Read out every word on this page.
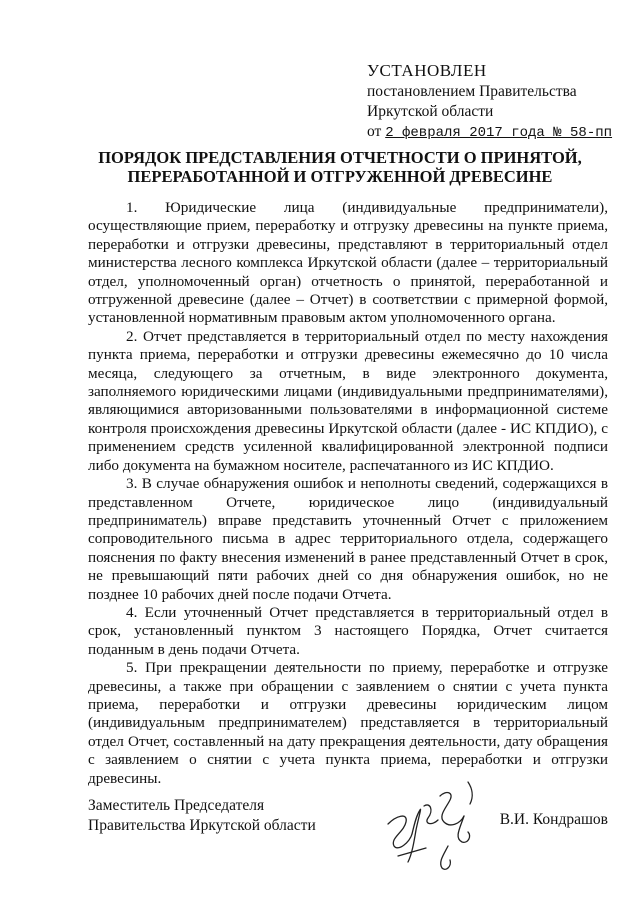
УСТАНОВЛЕН
постановлением Правительства
Иркутской области
от 2 февраля 2017 года № 58-пп
ПОРЯДОК ПРЕДСТАВЛЕНИЯ ОТЧЕТНОСТИ О ПРИНЯТОЙ,
ПЕРЕРАБОТАННОЙ И ОТГРУЖЕННОЙ ДРЕВЕСИНЕ

1. Юридические лица (индивидуальные предприниматели), осуществляющие прием, переработку и отгрузку древесины на пункте приема, переработки и отгрузки древесины, представляют в территориальный отдел министерства лесного комплекса Иркутской области (далее – территориальный отдел, уполномоченный орган) отчетность о принятой, переработанной и отгруженной древесине (далее – Отчет) в соответствии с примерной формой, установленной нормативным правовым актом уполномоченного органа.

2. Отчет представляется в территориальный отдел по месту нахождения пункта приема, переработки и отгрузки древесины ежемесячно до 10 числа месяца, следующего за отчетным, в виде электронного документа, заполняемого юридическими лицами (индивидуальными предпринимателями), являющимися авторизованными пользователями в информационной системе контроля происхождения древесины Иркутской области (далее - ИС КПДИО), с применением средств усиленной квалифицированной электронной подписи либо документа на бумажном носителе, распечатанного из ИС КПДИО.

3. В случае обнаружения ошибок и неполноты сведений, содержащихся в представленном Отчете, юридическое лицо (индивидуальный предприниматель) вправе представить уточненный Отчет с приложением сопроводительного письма в адрес территориального отдела, содержащего пояснения по факту внесения изменений в ранее представленный Отчет в срок, не превышающий пяти рабочих дней со дня обнаружения ошибок, но не позднее 10 рабочих дней после подачи Отчета.

4. Если уточненный Отчет представляется в территориальный отдел в срок, установленный пунктом 3 настоящего Порядка, Отчет считается поданным в день подачи Отчета.

5. При прекращении деятельности по приему, переработке и отгрузке древесины, а также при обращении с заявлением о снятии с учета пункта приема, переработки и отгрузки древесины юридическим лицом (индивидуальным предпринимателем) представляется в территориальный отдел Отчет, составленный на дату прекращения деятельности, дату обращения с заявлением о снятии с учета пункта приема, переработки и отгрузки древесины.

Заместитель Председателя
Правительства Иркутской области	В.И. Кондрашов
